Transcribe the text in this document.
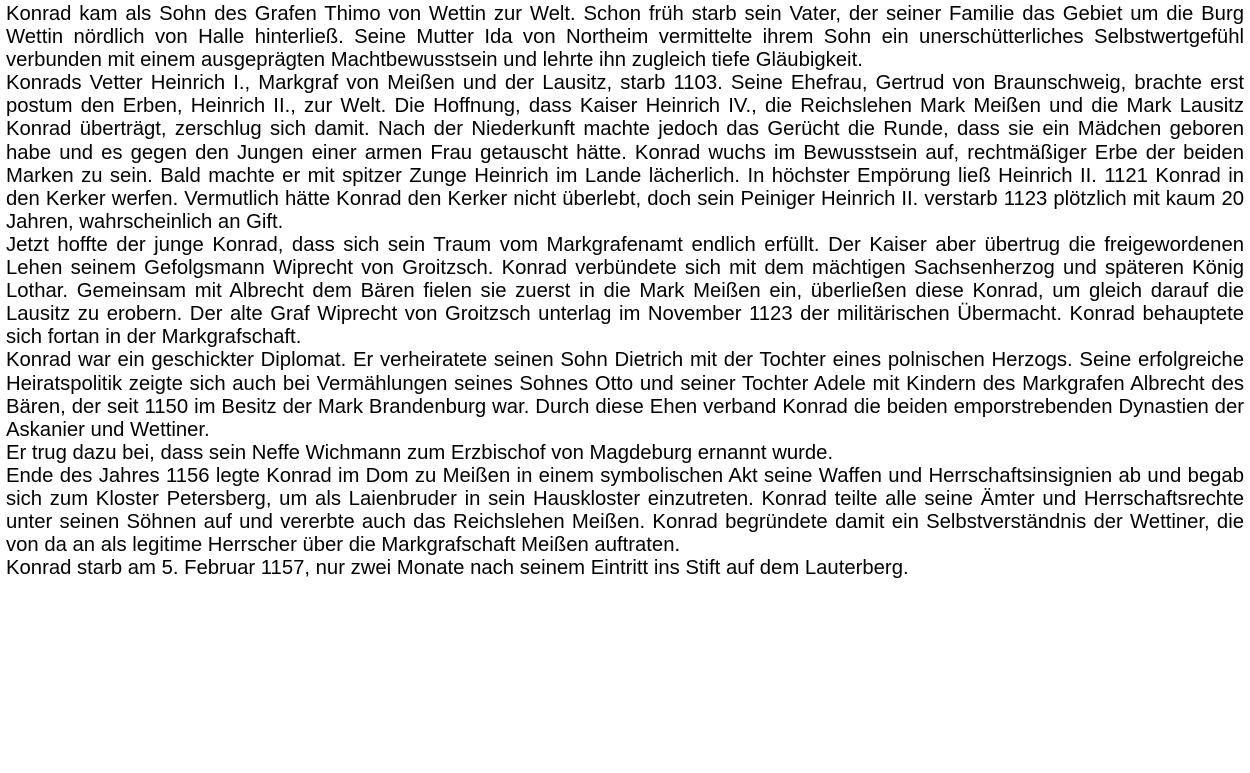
Konrad kam als Sohn des Grafen Thimo von Wettin zur Welt. Schon früh starb sein Vater, der seiner Familie das Gebiet um die Burg Wettin nördlich von Halle hinterließ. Seine Mutter Ida von Northeim vermittelte ihrem Sohn ein unerschütterliches Selbstwertgefühl verbunden mit einem ausgeprägten Machtbewusstsein und lehrte ihn zugleich tiefe Gläubigkeit.

Konrads Vetter Heinrich I., Markgraf von Meißen und der Lausitz, starb 1103. Seine Ehefrau, Gertrud von Braunschweig, brachte erst postum den Erben, Heinrich II., zur Welt. Die Hoffnung, dass Kaiser Heinrich IV., die Reichslehen Mark Meißen und die Mark Lausitz Konrad überträgt, zerschlug sich damit. Nach der Niederkunft machte jedoch das Gerücht die Runde, dass sie ein Mädchen geboren habe und es gegen den Jungen einer armen Frau getauscht hätte. Konrad wuchs im Bewusstsein auf, rechtmäßiger Erbe der beiden Marken zu sein. Bald machte er mit spitzer Zunge Heinrich im Lande lächerlich. In höchster Empörung ließ Heinrich II. 1121 Konrad in den Kerker werfen. Vermutlich hätte Konrad den Kerker nicht überlebt, doch sein Peiniger Heinrich II. verstarb 1123 plötzlich mit kaum 20 Jahren, wahrscheinlich an Gift.

Jetzt hoffte der junge Konrad, dass sich sein Traum vom Markgrafenamt endlich erfüllt. Der Kaiser aber übertrug die freigewordenen Lehen seinem Gefolgsmann Wiprecht von Groitzsch. Konrad verbündete sich mit dem mächtigen Sachsenherzog und späteren König Lothar. Gemeinsam mit Albrecht dem Bären fielen sie zuerst in die Mark Meißen ein, überließen diese Konrad, um gleich darauf die Lausitz zu erobern. Der alte Graf Wiprecht von Groitzsch unterlag im November 1123 der militärischen Übermacht. Konrad behauptete sich fortan in der Markgrafschaft.

Konrad war ein geschickter Diplomat. Er verheiratete seinen Sohn Dietrich mit der Tochter eines polnischen Herzogs. Seine erfolgreiche Heiratspolitik zeigte sich auch bei Vermählungen seines Sohnes Otto und seiner Tochter Adele mit Kindern des Markgrafen Albrecht des Bären, der seit 1150 im Besitz der Mark Brandenburg war. Durch diese Ehen verband Konrad die beiden emporstrebenden Dynastien der Askanier und Wettiner.

Er trug dazu bei, dass sein Neffe Wichmann zum Erzbischof von Magdeburg ernannt wurde.

Ende des Jahres 1156 legte Konrad im Dom zu Meißen in einem symbolischen Akt seine Waffen und Herrschaftsinsignien ab und begab sich zum Kloster Petersberg, um als Laienbruder in sein Hauskloster einzutreten. Konrad teilte alle seine Ämter und Herrschaftsrechte unter seinen Söhnen auf und vererbte auch das Reichslehen Meißen. Konrad begründete damit ein Selbstverständnis der Wettiner, die von da an als legitime Herrscher über die Markgrafschaft Meißen auftraten.

Konrad starb am 5. Februar 1157, nur zwei Monate nach seinem Eintritt ins Stift auf dem Lauterberg.
